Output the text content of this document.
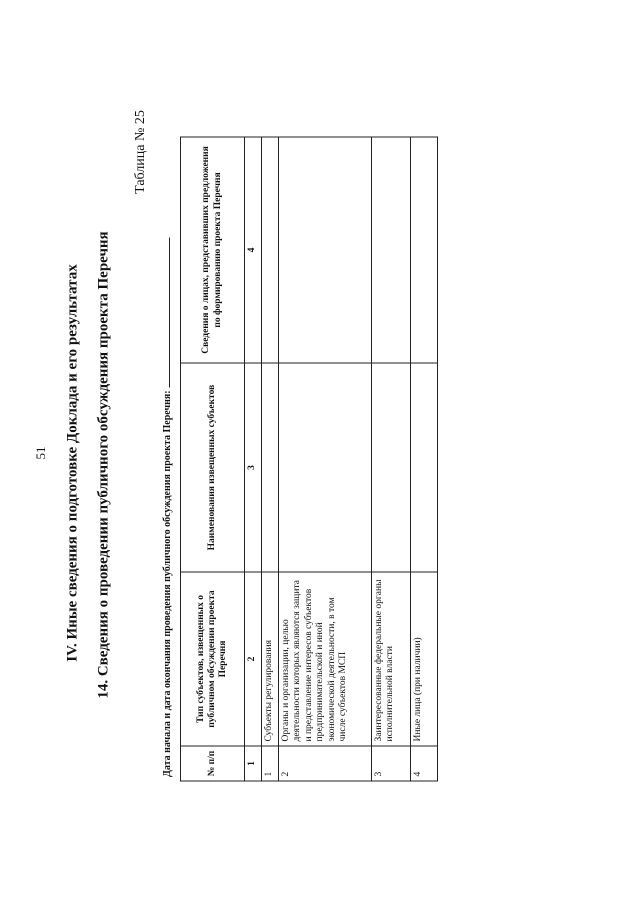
51 IV. Иные сведения о подготовке Доклада и его результатах 14. Сведения о проведении публичного обсуждения проекта Перечня
Таблица № 25
Дата начала и дата окончания проведения публичного обсуждения проекта Перечня:			
№ п/п	Тип субъектов, извещенных о публичном обсуждении проекта Перечня	Наименования извещенных субъектов	Сведения о лицах, представивших предложения по формированию проекта Перечня
1	2	3	4
1	Субъекты регулирования		
2	Органы и организации, целью деятельности которых являются защита и представление интересов субъектов предпринимательской и иной экономической деятельности, в том числе субъектов МСП		
3	Заинтересованные федеральные органы исполнительной власти		
4	Иные лица (при наличии)		
